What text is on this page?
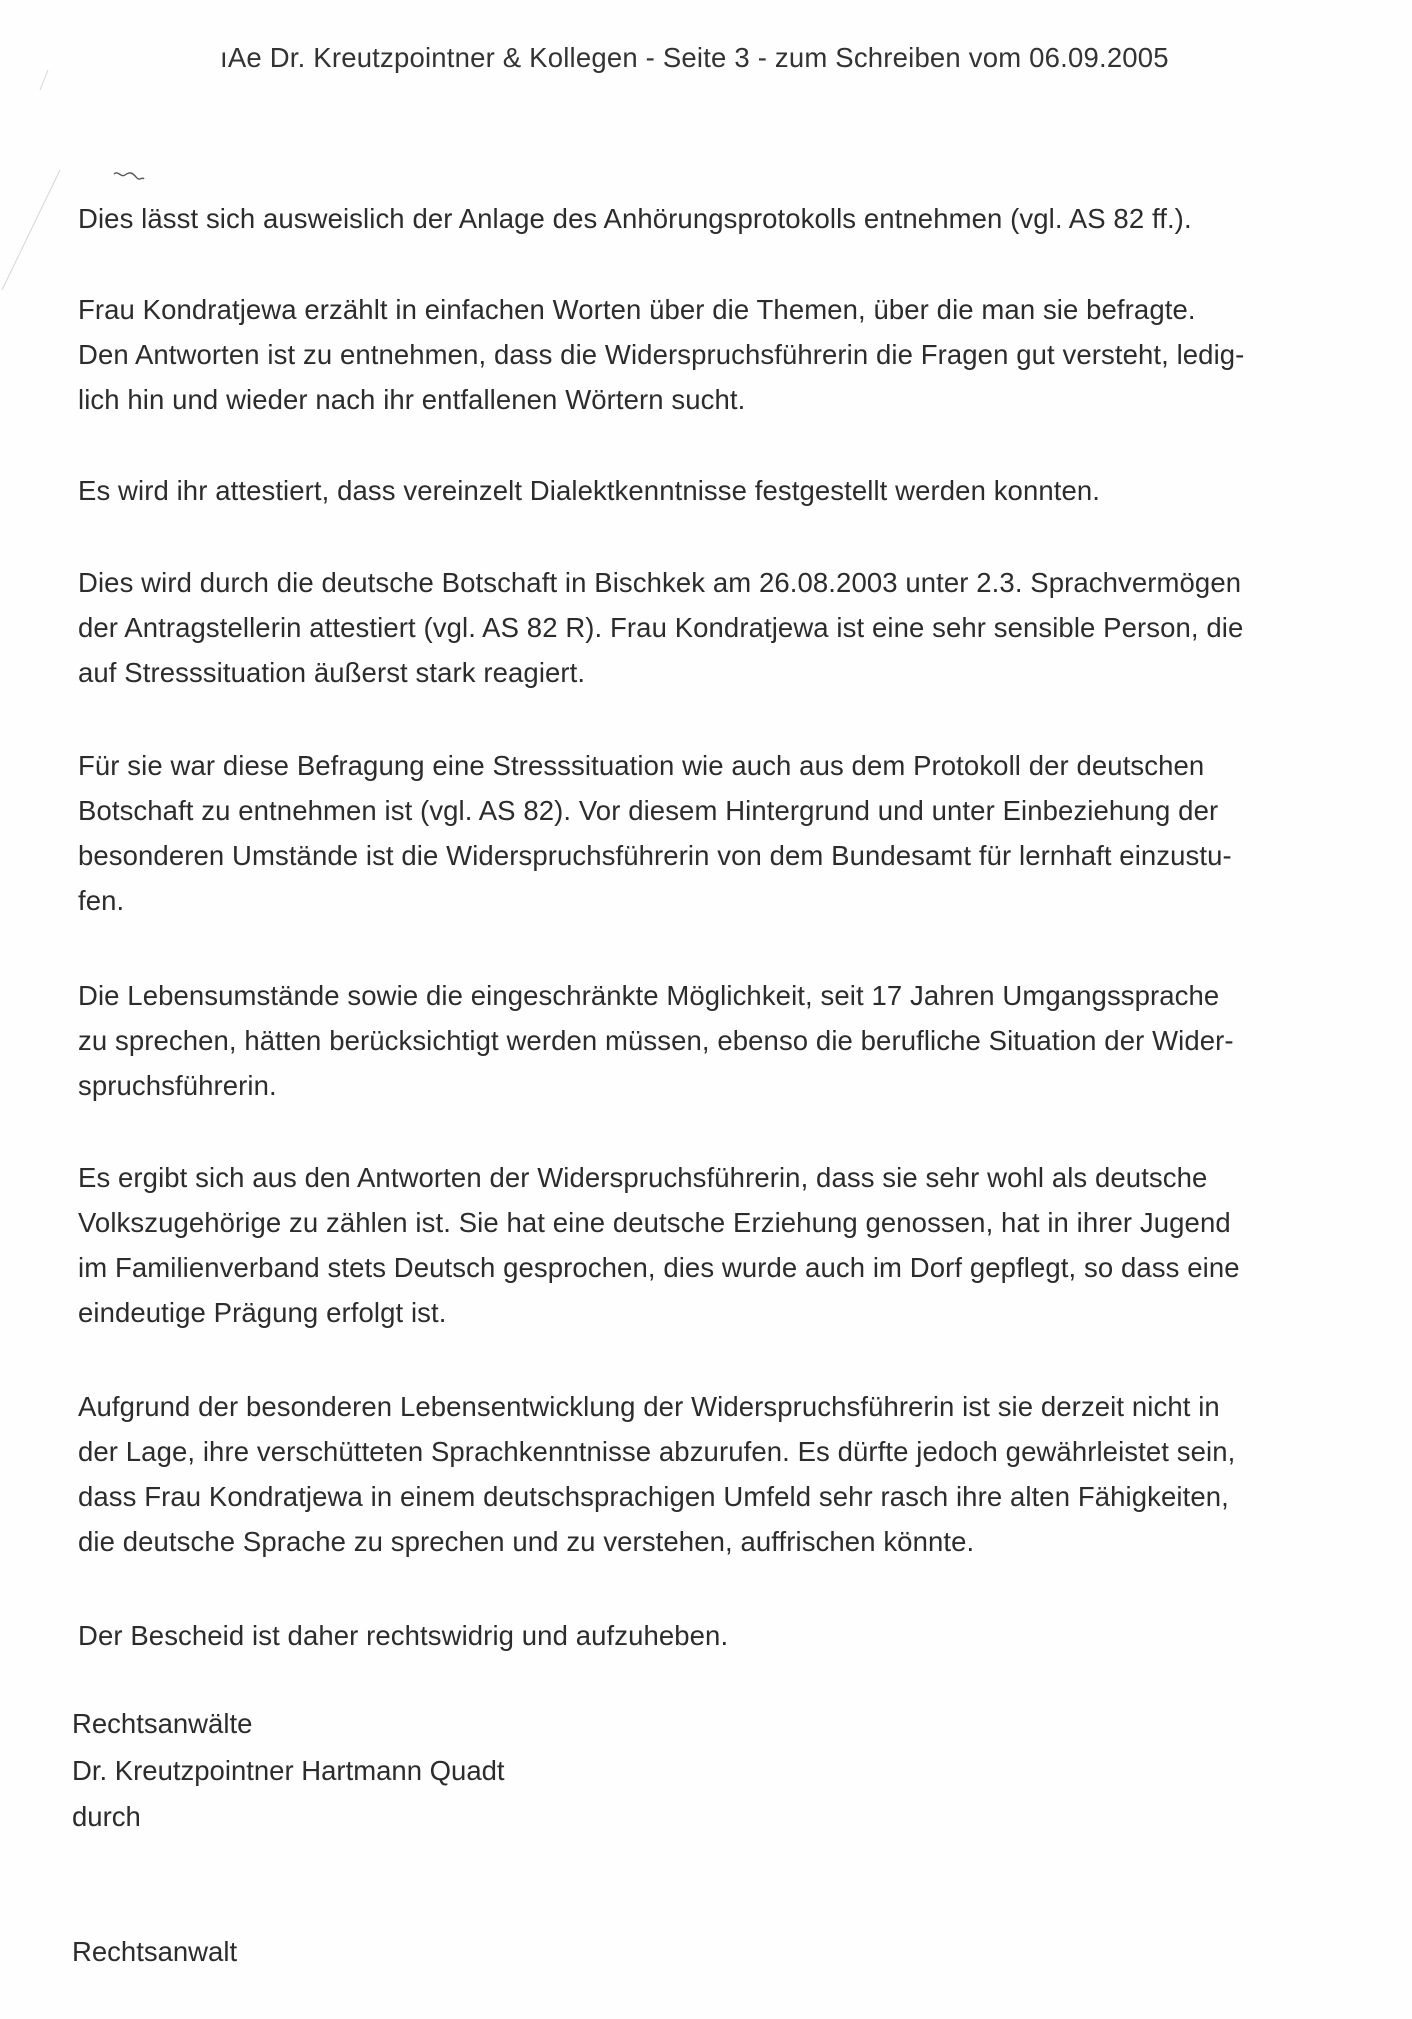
ıAe Dr. Kreutzpointner & Kollegen - Seite 3 - zum Schreiben vom 06.09.2005
Dies lässt sich ausweislich der Anlage des Anhörungsprotokolls entnehmen (vgl. AS 82 ff.).
Frau Kondratjewa erzählt in einfachen Worten über die Themen, über die man sie befragte.
Den Antworten ist zu entnehmen, dass die Widerspruchsführerin die Fragen gut versteht, ledig-
lich hin und wieder nach ihr entfallenen Wörtern sucht.
Es wird ihr attestiert, dass vereinzelt Dialektkenntnisse festgestellt werden konnten.
Dies wird durch die deutsche Botschaft in Bischkek am 26.08.2003 unter 2.3. Sprachvermögen
der Antragstellerin attestiert (vgl. AS 82 R). Frau Kondratjewa ist eine sehr sensible Person, die
auf Stresssituation äußerst stark reagiert.
Für sie war diese Befragung eine Stresssituation wie auch aus dem Protokoll der deutschen
Botschaft zu entnehmen ist (vgl. AS 82). Vor diesem Hintergrund und unter Einbeziehung der
besonderen Umstände ist die Widerspruchsführerin von dem Bundesamt für lernhaft einzustu-
fen.
Die Lebensumstände sowie die eingeschränkte Möglichkeit, seit 17 Jahren Umgangssprache
zu sprechen, hätten berücksichtigt werden müssen, ebenso die berufliche Situation der Wider-
spruchsführerin.
Es ergibt sich aus den Antworten der Widerspruchsführerin, dass sie sehr wohl als deutsche
Volkszugehörige zu zählen ist. Sie hat eine deutsche Erziehung genossen, hat in ihrer Jugend
im Familienverband stets Deutsch gesprochen, dies wurde auch im Dorf gepflegt, so dass eine
eindeutige Prägung erfolgt ist.
Aufgrund der besonderen Lebensentwicklung der Widerspruchsführerin ist sie derzeit nicht in
der Lage, ihre verschütteten Sprachkenntnisse abzurufen. Es dürfte jedoch gewährleistet sein,
dass Frau Kondratjewa in einem deutschsprachigen Umfeld sehr rasch ihre alten Fähigkeiten,
die deutsche Sprache zu sprechen und zu verstehen, auffrischen könnte.
Der Bescheid ist daher rechtswidrig und aufzuheben.
Rechtsanwälte
Dr. Kreutzpointner Hartmann Quadt
durch
Rechtsanwalt
